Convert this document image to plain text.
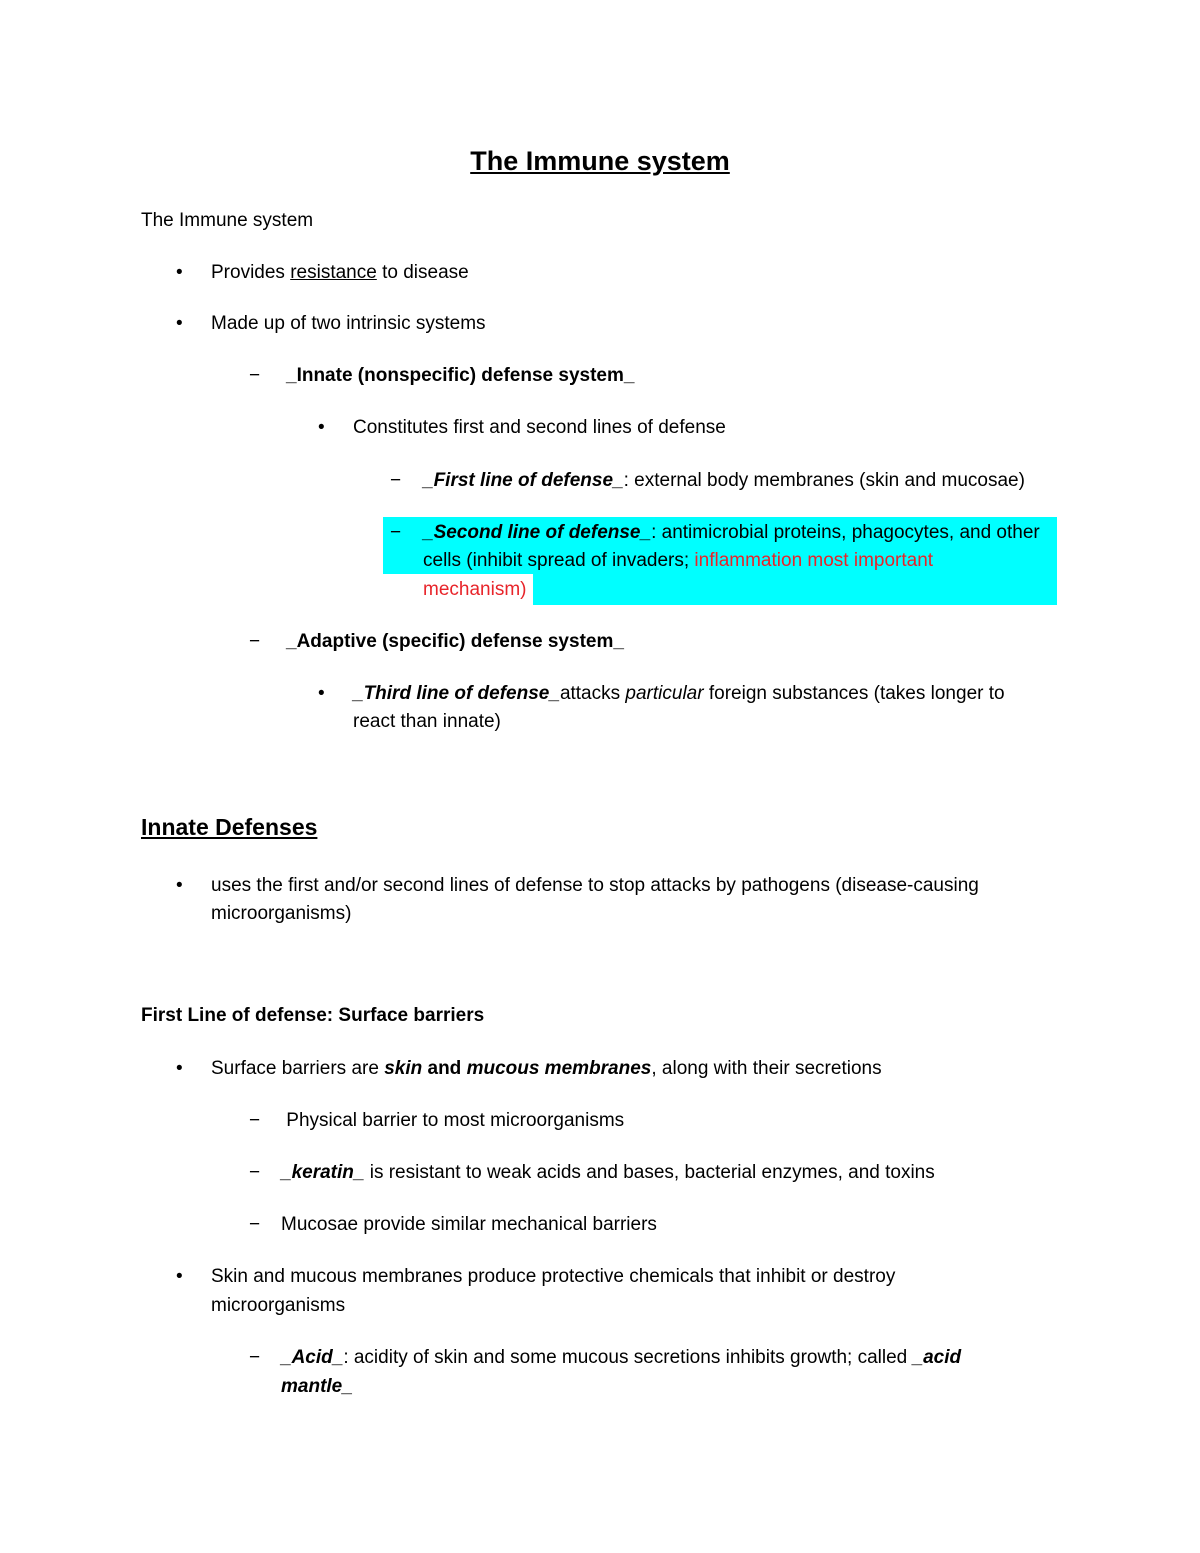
The Immune system
The Immune system
• Provides resistance to disease
• Made up of two intrinsic systems
− _Innate (nonspecific) defense system_
• Constitutes first and second lines of defense
− _First line of defense_: external body membranes (skin and mucosae)
− _Second line of defense_: antimicrobial proteins, phagocytes, and other
cells (inhibit spread of invaders; inflammation most important
mechanism)
− _Adaptive (specific) defense system_
• _Third line of defense_attacks particular foreign substances (takes longer to
react than innate)
Innate Defenses
• uses the first and/or second lines of defense to stop attacks by pathogens (disease-causing
microorganisms)
First Line of defense: Surface barriers
• Surface barriers are skin and mucous membranes, along with their secretions
− Physical barrier to most microorganisms
− _keratin_ is resistant to weak acids and bases, bacterial enzymes, and toxins
− Mucosae provide similar mechanical barriers
• Skin and mucous membranes produce protective chemicals that inhibit or destroy
microorganisms
− _Acid_: acidity of skin and some mucous secretions inhibits growth; called _acid
mantle_
